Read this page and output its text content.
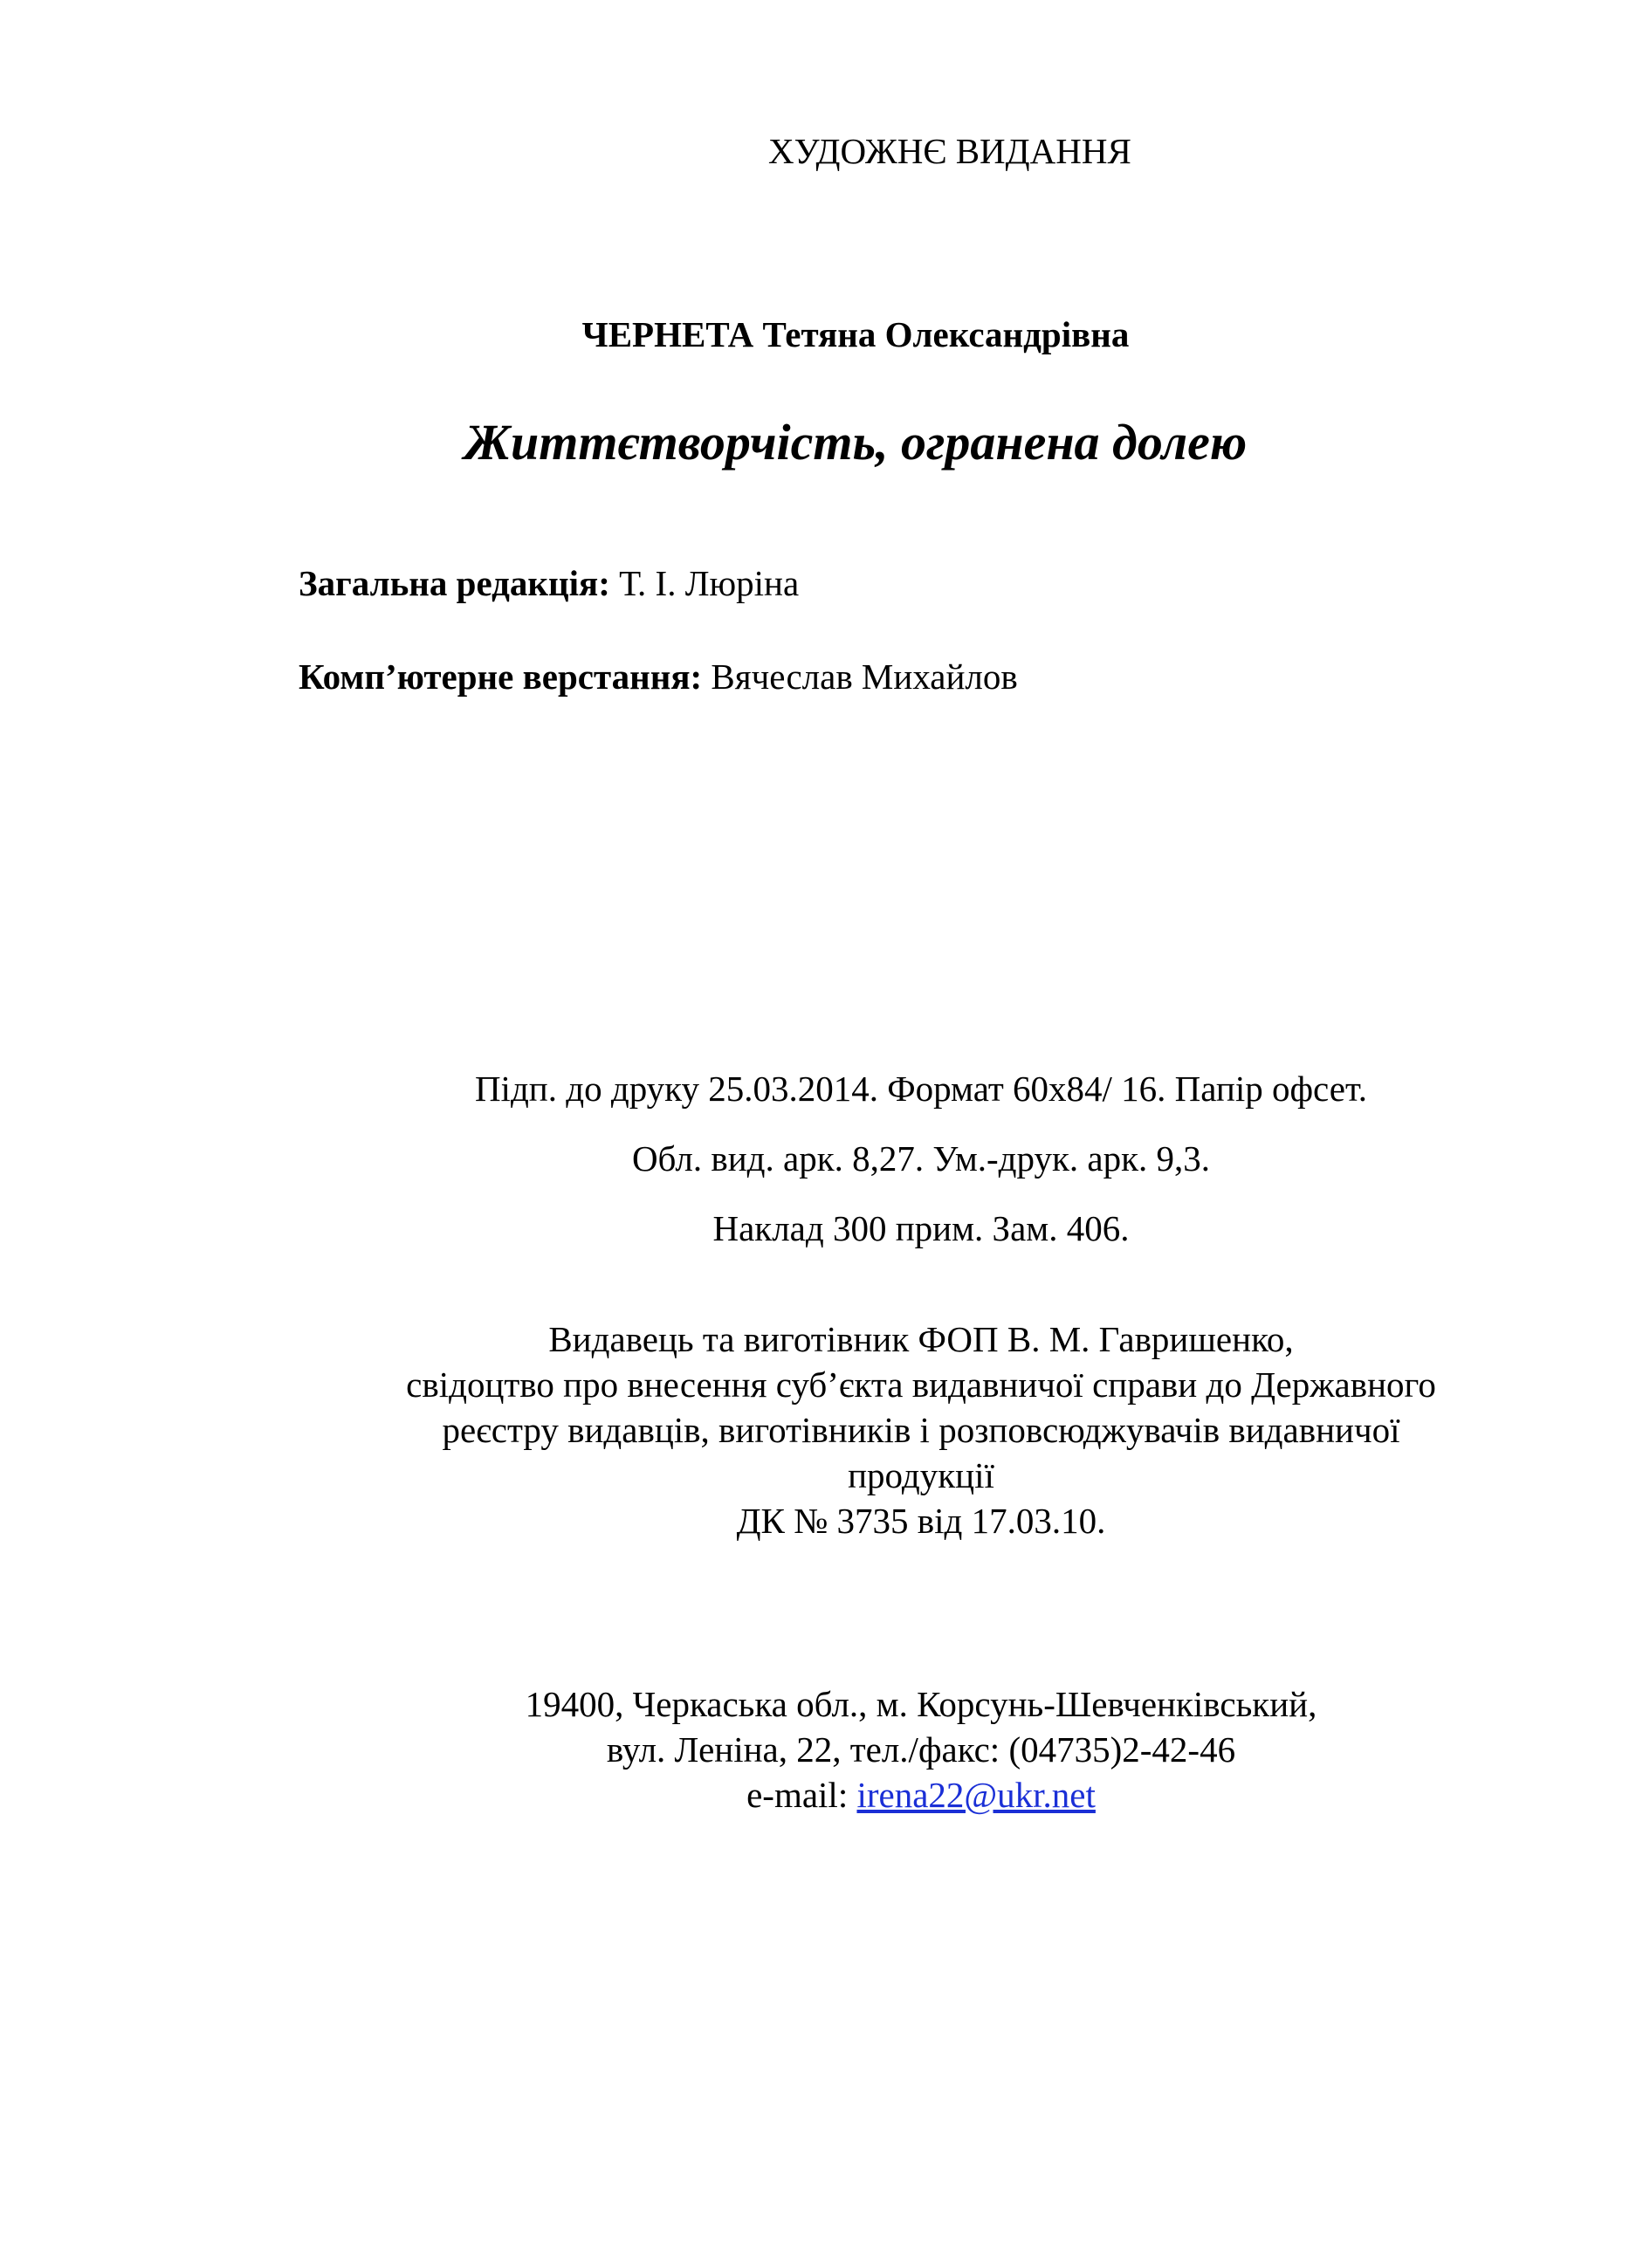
ХУДОЖНЄ ВИДАННЯ
ЧЕРНЕТА Тетяна Олександрівна
Життєтворчість, огранена долею
Загальна редакція: Т. І. Люріна
Комп’ютерне верстання: Вячеслав Михайлов
Підп. до друку 25.03.2014. Формат 60х84/ 16. Папір офсет.
Обл. вид. арк. 8,27. Ум.-друк. арк. 9,3.
Наклад 300 прим. Зам. 406.
Видавець та виготівник ФОП В. М. Гавришенко,
свідоцтво про внесення суб’єкта видавничої справи до Державного
реєстру видавців, виготівників і розповсюджувачів видавничої
продукції
ДК № 3735 від 17.03.10.
19400, Черкаська обл., м. Корсунь-Шевченківський,
вул. Леніна, 22, тел./факс: (04735)2-42-46
e-mail: irena22@ukr.net
